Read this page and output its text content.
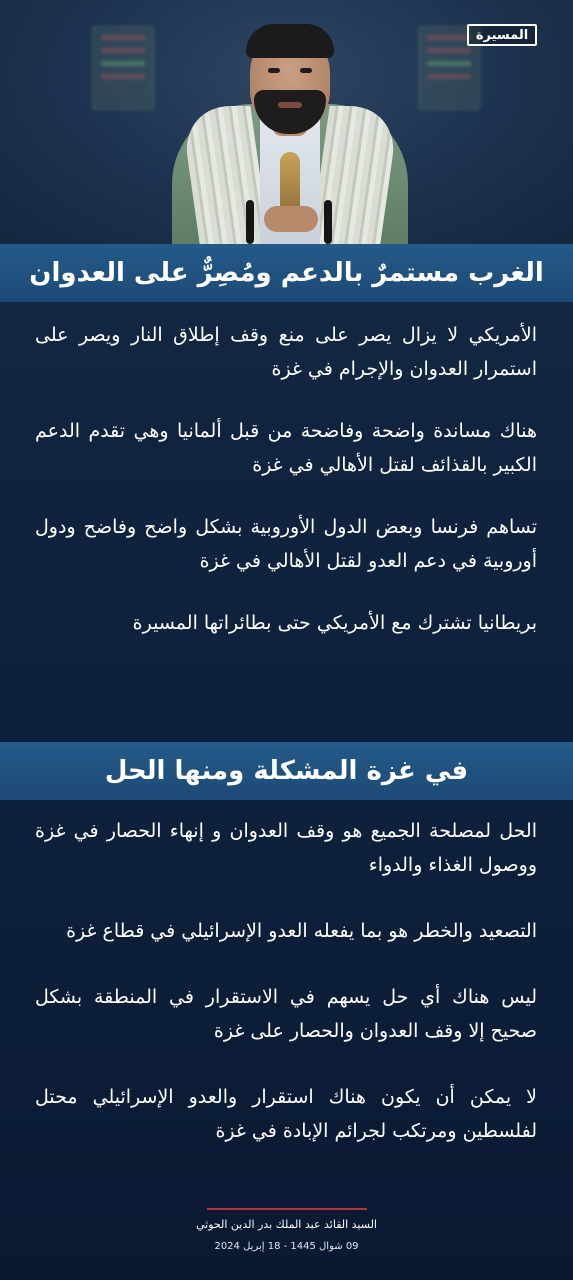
المسيرة
الغرب مستمرٌ بالدعم ومُصِرٌّ على العدوان

الأمريكي لا يزال يصر على منع وقف إطلاق النار ويصر على استمرار العدوان والإجرام في غزة

هناك مساندة واضحة وفاضحة من قبل ألمانيا وهي تقدم الدعم الكبير بالقذائف لقتل الأهالي في غزة

تساهم فرنسا وبعض الدول الأوروبية بشكل واضح وفاضح ودول أوروبية في دعم العدو لقتل الأهالي في غزة

بريطانيا تشترك مع الأمريكي حتى بطائراتها المسيرة

في غزة المشكلة ومنها الحل

الحل لمصلحة الجميع هو وقف العدوان و إنهاء الحصار في غزة ووصول الغذاء والدواء

التصعيد والخطر هو بما يفعله العدو الإسرائيلي في قطاع غزة

ليس هناك أي حل يسهم في الاستقرار في المنطقة بشكل صحيح إلا وقف العدوان والحصار على غزة

لا يمكن أن يكون هناك استقرار والعدو الإسرائيلي محتل لفلسطين ومرتكب لجرائم الإبادة في غزة

السيد القائد عبد الملك بدر الدين الحوثي
09 شوال 1445 - 18 إبريل 2024
